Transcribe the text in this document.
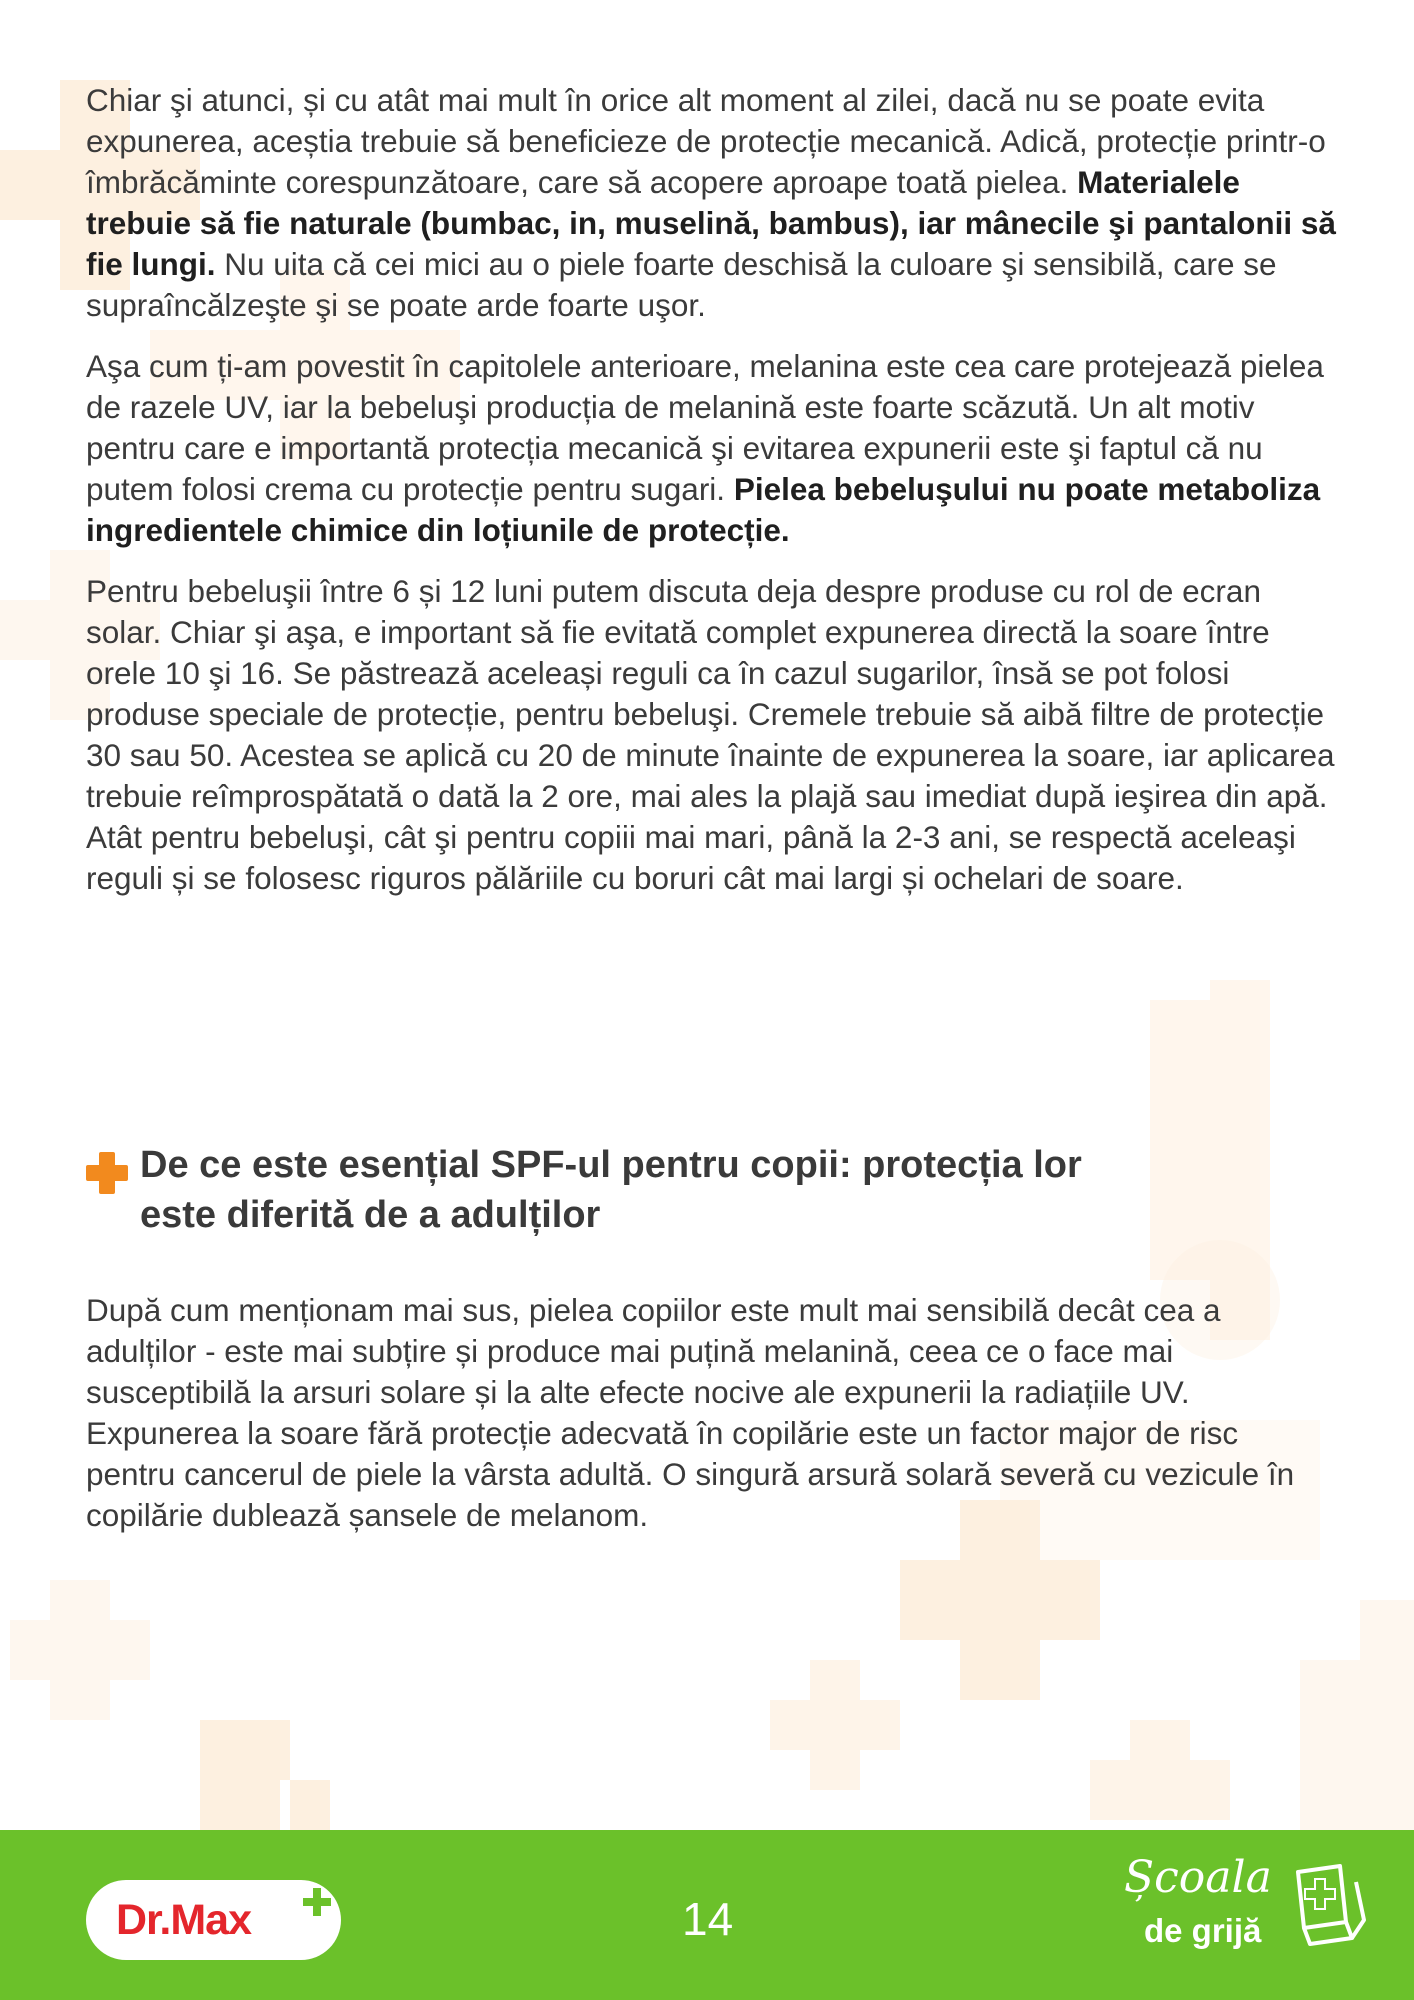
Chiar şi atunci, și cu atât mai mult în orice alt moment al zilei, dacă nu se poate evita expunerea, aceștia trebuie să beneficieze de protecție mecanică. Adică, protecție printr-o îmbrăcăminte corespunzătoare, care să acopere aproape toată pielea. Materialele trebuie să fie naturale (bumbac, in, muselină, bambus), iar mânecile şi pantalonii să fie lungi. Nu uita că cei mici au o piele foarte deschisă la culoare şi sensibilă, care se supraîncălzeşte şi se poate arde foarte uşor.

Aşa cum ți-am povestit în capitolele anterioare, melanina este cea care protejează pielea de razele UV, iar la bebeluşi producția de melanină este foarte scăzută. Un alt motiv pentru care e importantă protecția mecanică şi evitarea expunerii este şi faptul că nu putem folosi crema cu protecție pentru sugari. Pielea bebeluşului nu poate metaboliza ingredientele chimice din loțiunile de protecție.

Pentru bebeluşii între 6 și 12 luni putem discuta deja despre produse cu rol de ecran solar. Chiar şi aşa, e important să fie evitată complet expunerea directă la soare între orele 10 şi 16. Se păstrează aceleași reguli ca în cazul sugarilor, însă se pot folosi produse speciale de protecție, pentru bebeluşi. Cremele trebuie să aibă filtre de protecție 30 sau 50. Acestea se aplică cu 20 de minute înainte de expunerea la soare, iar aplicarea trebuie reîmprospătată o dată la 2 ore, mai ales la plajă sau imediat după ieşirea din apă. Atât pentru bebeluşi, cât şi pentru copiii mai mari, până la 2-3 ani, se respectă aceleaşi reguli și se folosesc riguros pălăriile cu boruri cât mai largi și ochelari de soare.

De ce este esențial SPF-ul pentru copii: protecția lor
este diferită de a adulților

După cum menționam mai sus, pielea copiilor este mult mai sensibilă decât cea a adulților - este mai subțire și produce mai puțină melanină, ceea ce o face mai susceptibilă la arsuri solare și la alte efecte nocive ale expunerii la radiațiile UV.

Expunerea la soare fără protecție adecvată în copilărie este un factor major de risc pentru cancerul de piele la vârsta adultă. O singură arsură solară severă cu vezicule în copilărie dublează șansele de melanom.

Dr.Max	14
Școala
de grijă
